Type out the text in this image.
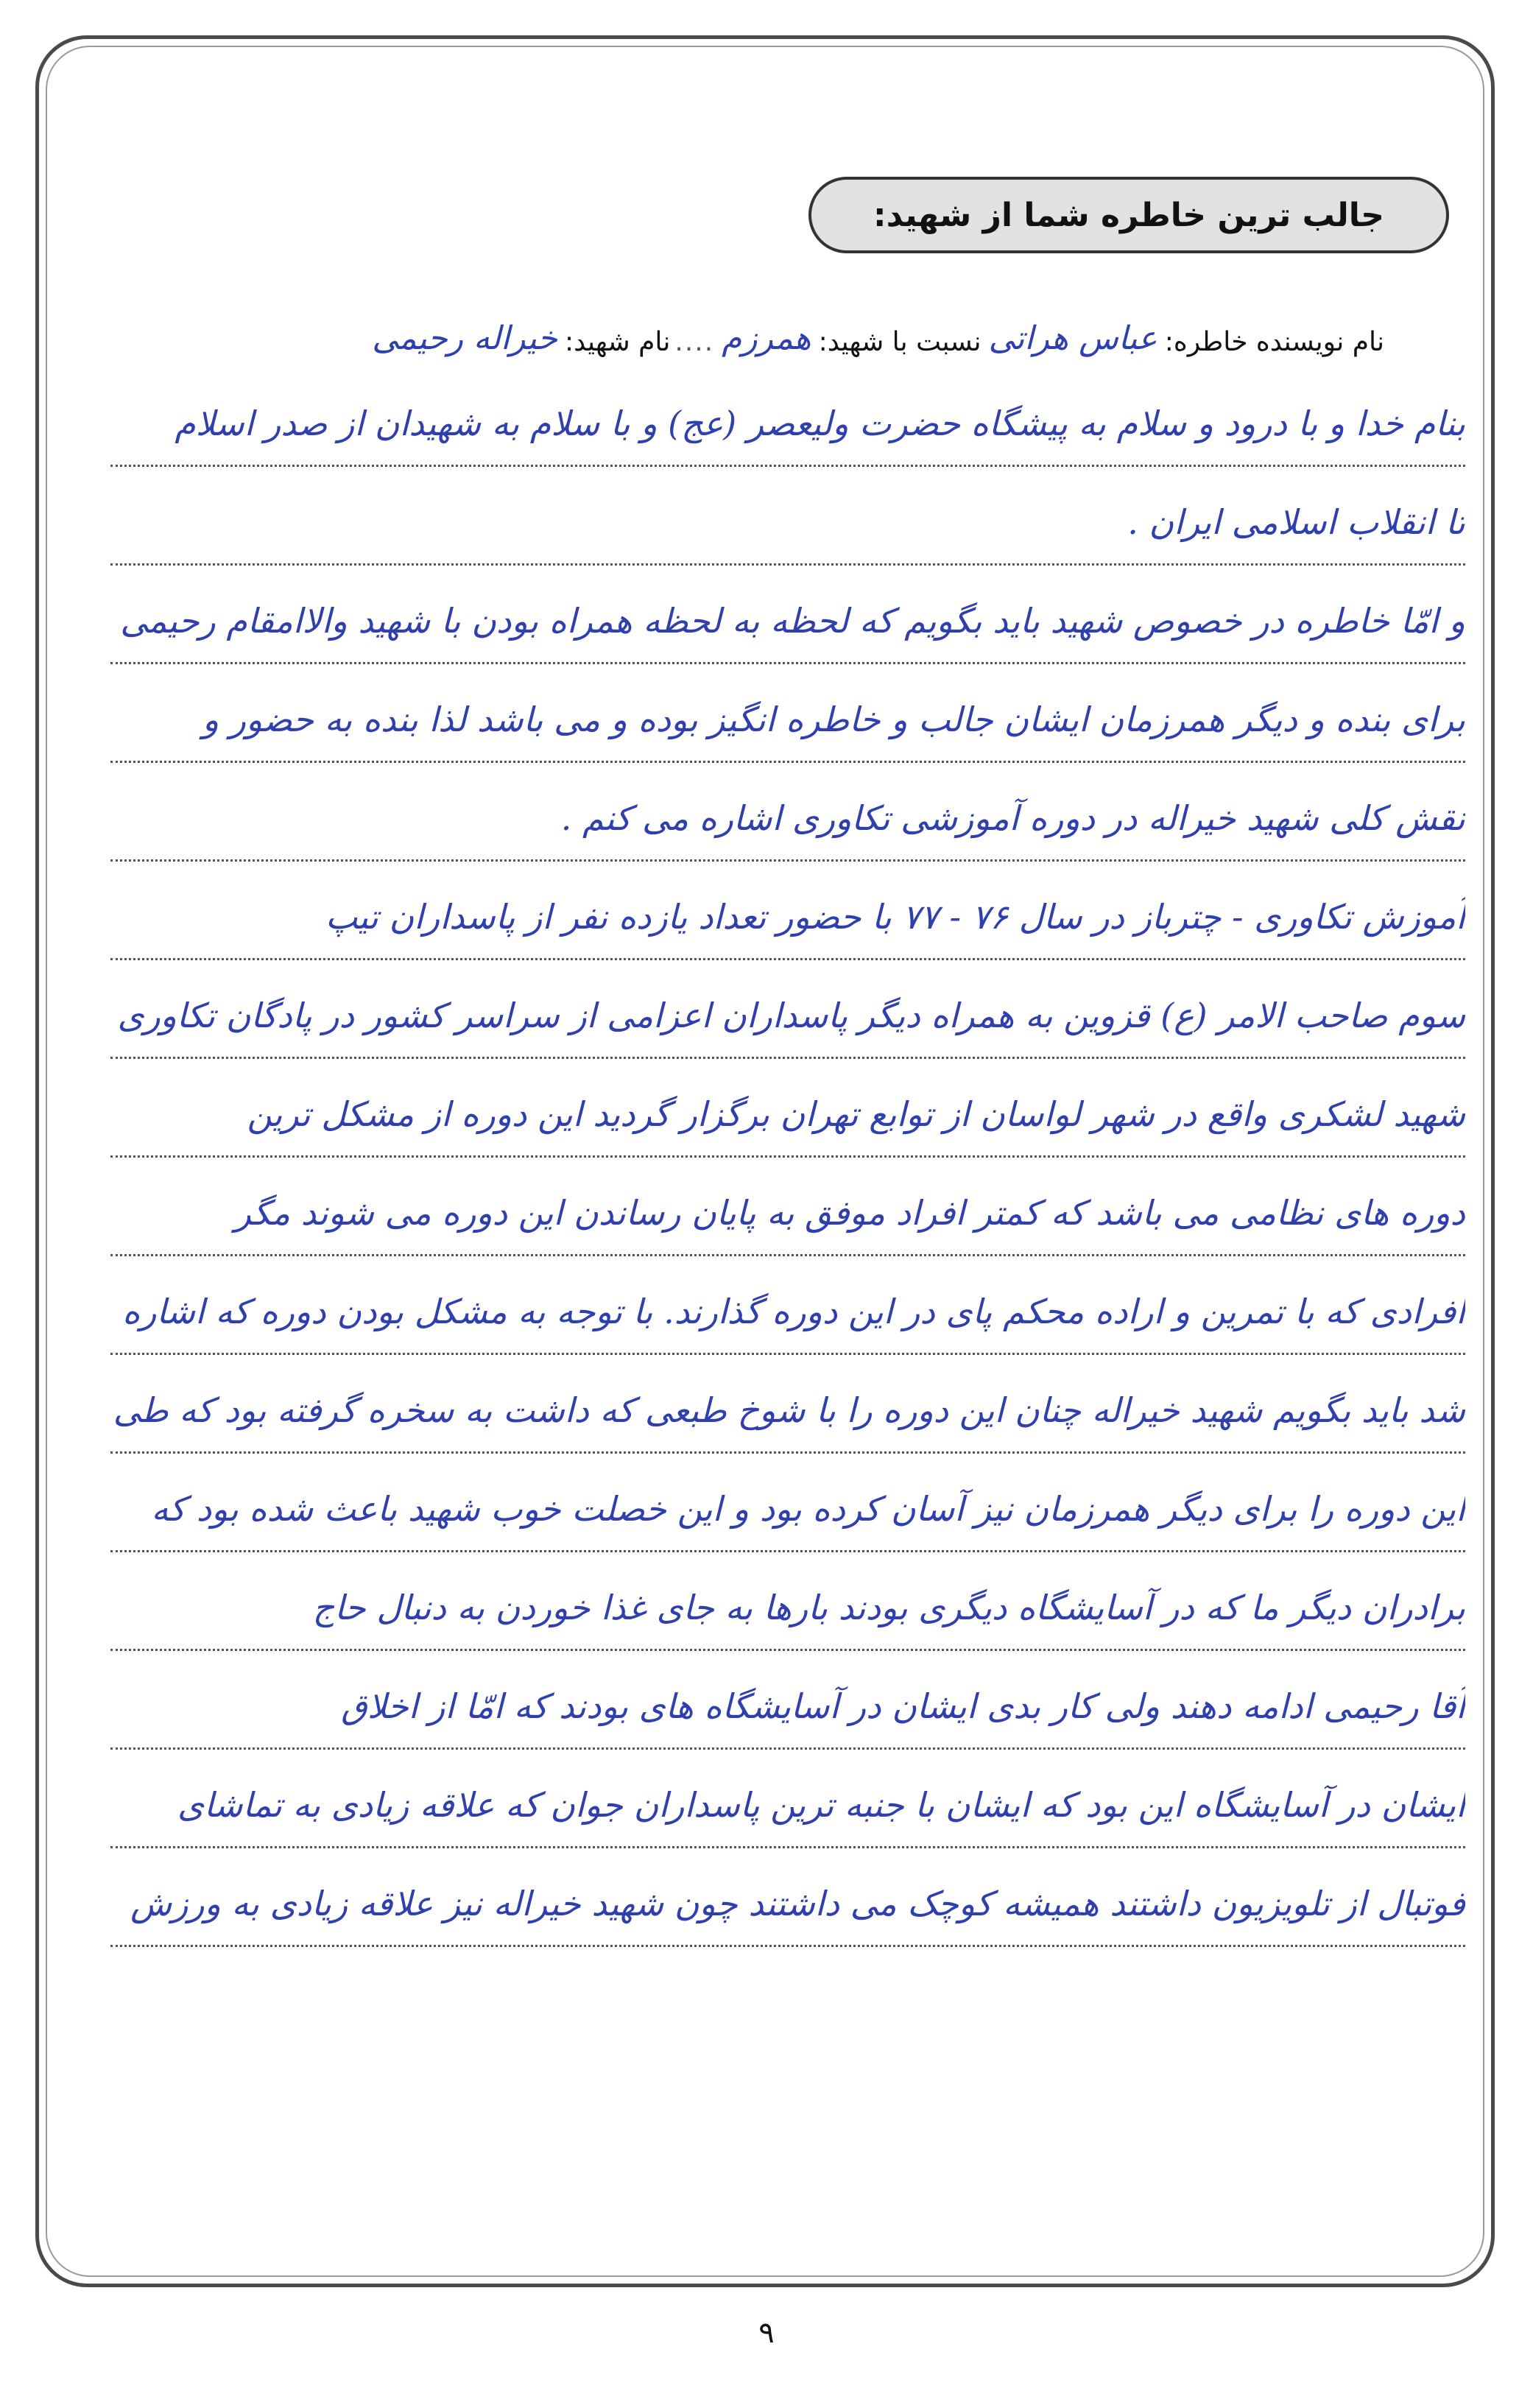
جالب ترین خاطره شما از شهید:
نام نویسنده خاطره:
عباس هراتی
نسبت با شهید:
همرزم
....
نام شهید:
خیراله رحیمی
بنام خدا و با درود و سلام به پیشگاه حضرت ولیعصر (عج) و با سلام به شهیدان از صدر اسلام
تا انقلاب اسلامی ایران .
و امّا خاطره در خصوص شهید باید بگویم که لحظه به لحظه همراه بودن با شهید والاامقام رحیمی
برای بنده و دیگر همرزمان ایشان جالب و خاطره انگیز بوده و می باشد لذا بنده به حضور و
نقش کلی شهید خیراله در دوره آموزشی تکاوری اشاره می کنم .
آموزش تکاوری - چترباز در سال ۷۶ - ۷۷ با حضور تعداد یازده نفر از پاسداران تیپ
سوم صاحب الامر (ع) قزوین به همراه دیگر پاسداران اعزامی از سراسر کشور در پادگان تکاوری
شهید لشکری واقع در شهر لواسان از توابع تهران برگزار گردید این دوره از مشکل ترین
دوره های نظامی می باشد که کمتر افراد موفق به پایان رساندن این دوره می شوند مگر
افرادی که با تمرین و اراده محکم پای در این دوره گذارند. با توجه به مشکل بودن دوره که اشاره
شد باید بگویم شهید خیراله چنان این دوره را با شوخ طبعی که داشت به سخره گرفته بود که طی
این دوره را برای دیگر همرزمان نیز آسان کرده بود و این خصلت خوب شهید باعث شده بود که
برادران دیگر ما که در آسایشگاه دیگری بودند بارها به جای غذا خوردن به دنبال حاج
آقا رحیمی ادامه دهند ولی کار بدی ایشان در آسایشگاه های بودند که امّا از اخلاق
ایشان در آسایشگاه این بود که ایشان با جنبه ترین پاسداران جوان که علاقه زیادی به تماشای
فوتبال از تلویزیون داشتند همیشه کوچک می داشتند چون شهید خیراله نیز علاقه زیادی به ورزش
۹
